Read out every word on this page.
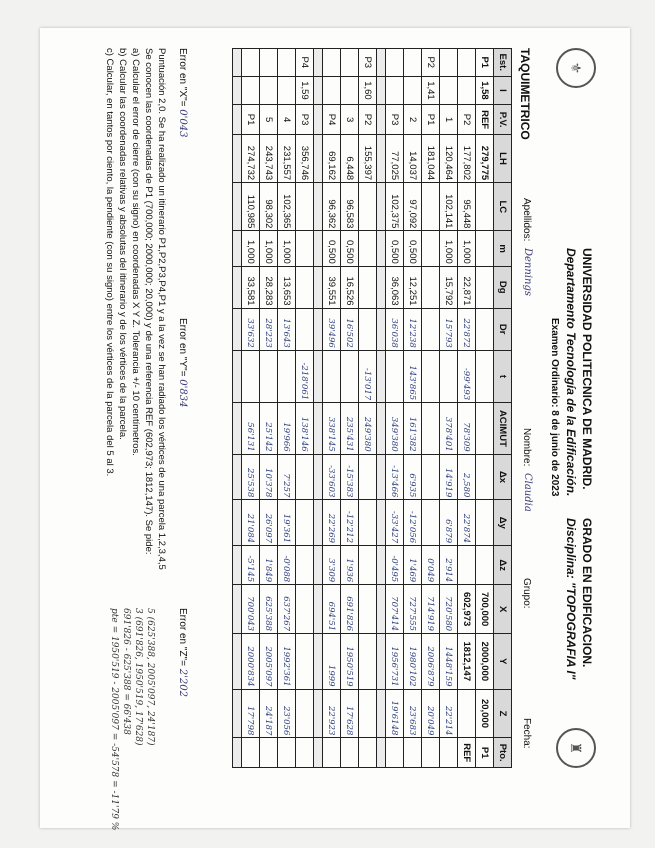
⚜
♜
UNIVERSIDAD POLITECNICA DE MADRID.
GRADO EN EDIFICACION.
Departamento Tecnología de la Edificación.
Disciplina: "TOPOGRAFIA I"
Examen Ordinario: 8 de junio de 2023
TAQUIMETRICO
Apellidos:
Dennings
Nombre:
Claudia
Grupo:
Fecha:
Est.	I	P.V.	LH	LC	m	Dg	Dr	t	ACIMUT	Δx	Δy	Δz	X	Y	Z	Pto.
P1	1,58	REF	279,775										700,000	2000,000	20,000	P1
		P2	177,802	95,448	1,000	22,871	22'872	-99'493	78'309	2,580	22'874		602,973	1812,147		REF
		1	120,464	102,141	1,000	15,792	15'793		378'401	14'919	6'879	2'914	720'580	1448'159	22'214	
P2	1,41	P1	181,044									0'049	714'919	2006'879	20'049	
		2	14,037	97,092	0,500	12,251	12'238	143'865	161'382	6'935	-12'056	1'469	727'555	1980'102	23'683	
		P3	77,025	102,375	0,500	36,063	36'038		349'380	-13'466	-33'427	-0'495	707'414	1956'731	19'6148	

P3	1,60	P2	155,397					-13'017	249'380							
		3	6,448	96,583	0,500	16,526	16'502		235'431	-15'383	-12'212	1'936	691'826	1950'519	17'628	
		P4	69,162	96,362	0,500	39,551	39'496		338'145	-33'603	22'269	3'309	694'51	1999	22'923	

P4	1,59	P3	356,746					-218'061	138'146							
		4	231,557	102,365	1,000	13,653	13'643		19'966	7'257	19'361	-0'088	637'267	1992'361	23'056	
		5	243,743	98,302	1,000	28,283	28'223		25'142	10'378	26'097	1'849	625'388	2005'097	24'187	
		P1	274,732	110,985	1,000	33,581	33'632		56'131	25'538	21'084	-5'145	700'043	2000'834	17'798	

Error en "X"= 0'043
Error en "Y"= 0'834
Error en "Z"= 2'202
Puntuación 2,0. Se ha realizado un itinerario P1,P2,P3,P4,P1 y a la vez se han radiado los vértices de una parcela 1,2,3,4,5
Se conocen las coordenadas de P1 (700,000; 2000,000; 20,000) y de una referencia REF (602,973; 1812,147). Se pide:
a) Calcular el error de cierre (con su signo) en coordenadas X Y Z. Tolerancia +/- 10 centímetros.
b) Calcular las coordenadas relativas y absolutas del itinerario y de los vértices de la parcela.
c) Calcular, en tantos por ciento, la pendiente (con su signo) entre los vértices de la parcela del 5 al 3.
5 (625'388, 2005'097, 24'187)
3 (691'826, 1950'519, 17'628)
691'826 - 625'388 = 66'438
pte = 1950'519 - 2005'097 = -54'578 = -11'79 %
